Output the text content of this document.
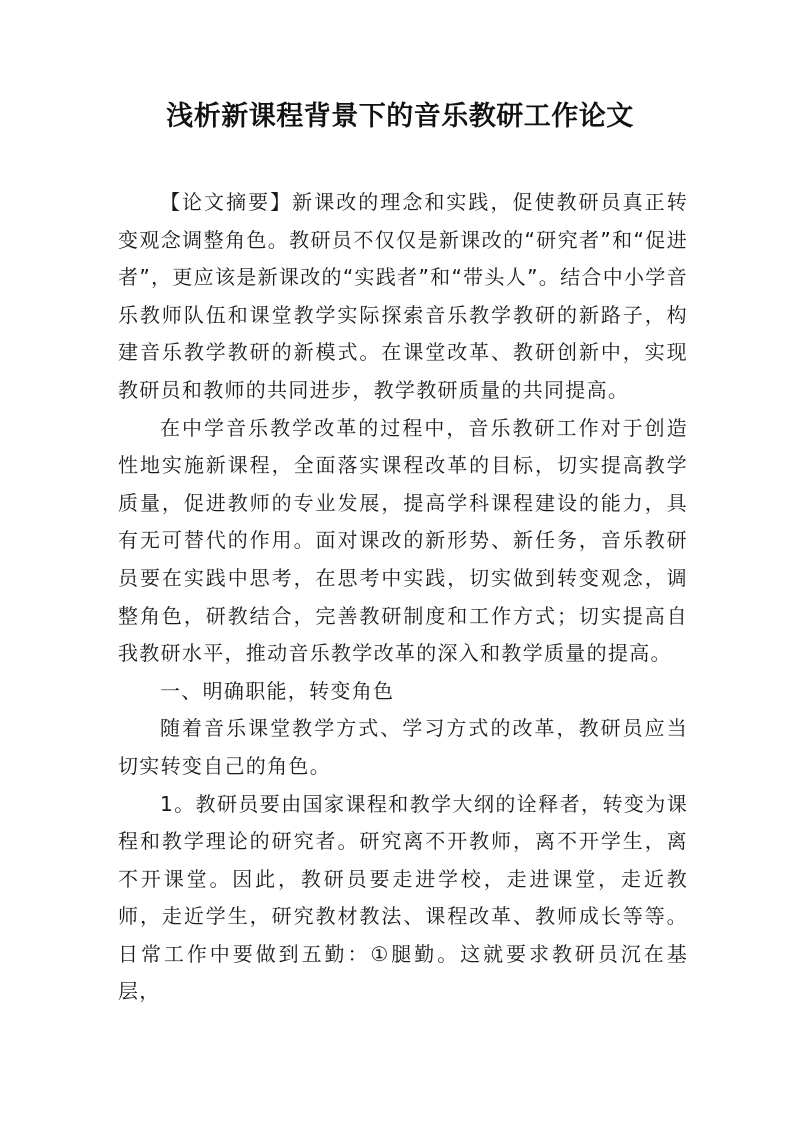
浅析新课程背景下的音乐教研工作论文

【论文摘要】新课改的理念和实践，促使教研员真正转变观念调整角色。教研员不仅仅是新课改的“研究者”和“促进者”，更应该是新课改的“实践者”和“带头人”。结合中小学音乐教师队伍和课堂教学实际探索音乐教学教研的新路子，构建音乐教学教研的新模式。在课堂改革、教研创新中，实现教研员和教师的共同进步，教学教研质量的共同提高。

在中学音乐教学改革的过程中，音乐教研工作对于创造性地实施新课程，全面落实课程改革的目标，切实提高教学质量，促进教师的专业发展，提高学科课程建设的能力，具有无可替代的作用。面对课改的新形势、新任务，音乐教研员要在实践中思考，在思考中实践，切实做到转变观念，调整角色，研教结合，完善教研制度和工作方式；切实提高自我教研水平，推动音乐教学改革的深入和教学质量的提高。

一、明确职能，转变角色

随着音乐课堂教学方式、学习方式的改革，教研员应当切实转变自己的角色。

1。教研员要由国家课程和教学大纲的诠释者，转变为课程和教学理论的研究者。研究离不开教师，离不开学生，离不开课堂。因此，教研员要走进学校，走进课堂，走近教师，走近学生，研究教材教法、课程改革、教师成长等等。日常工作中要做到五勤：①腿勤。这就要求教研员沉在基层，
